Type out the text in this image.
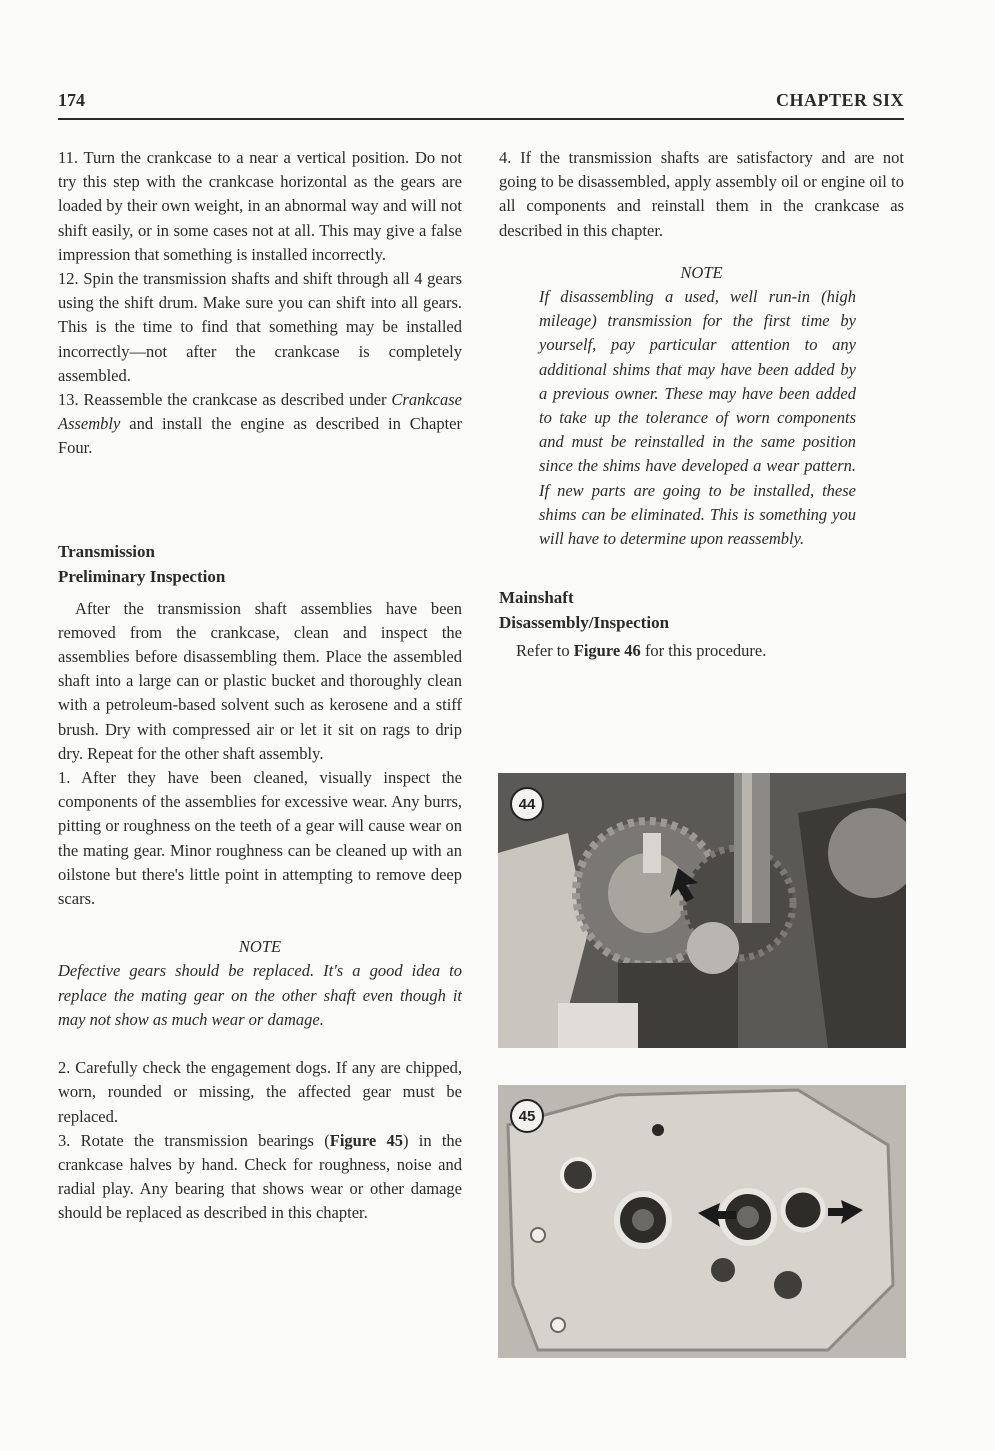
174	CHAPTER SIX

11. Turn the crankcase to a near a vertical position. Do not try this step with the crankcase horizontal as the gears are loaded by their own weight, in an abnormal way and will not shift easily, or in some cases not at all. This may give a false impression that something is installed incorrectly.

12. Spin the transmission shafts and shift through all 4 gears using the shift drum. Make sure you can shift into all gears. This is the time to find that something may be installed incorrectly—not after the crankcase is completely assembled.

13. Reassemble the crankcase as described under Crankcase Assembly and install the engine as described in Chapter Four.

Transmission

Preliminary Inspection

After the transmission shaft assemblies have been removed from the crankcase, clean and inspect the assemblies before disassembling them. Place the assembled shaft into a large can or plastic bucket and thoroughly clean with a petroleum-based solvent such as kerosene and a stiff brush. Dry with compressed air or let it sit on rags to drip dry. Repeat for the other shaft assembly.

1. After they have been cleaned, visually inspect the components of the assemblies for excessive wear. Any burrs, pitting or roughness on the teeth of a gear will cause wear on the mating gear. Minor roughness can be cleaned up with an oilstone but there's little point in attempting to remove deep scars.

NOTE

Defective gears should be replaced. It's a good idea to replace the mating gear on the other shaft even though it may not show as much wear or damage.

2. Carefully check the engagement dogs. If any are chipped, worn, rounded or missing, the affected gear must be replaced.

3. Rotate the transmission bearings (Figure 45) in the crankcase halves by hand. Check for roughness, noise and radial play. Any bearing that shows wear or other damage should be replaced as described in this chapter.

4. If the transmission shafts are satisfactory and are not going to be disassembled, apply assembly oil or engine oil to all components and reinstall them in the crankcase as described in this chapter.

NOTE

If disassembling a used, well run-in (high mileage) transmission for the first time by yourself, pay particular attention to any additional shims that may have been added by a previous owner. These may have been added to take up the tolerance of worn components and must be reinstalled in the same position since the shims have developed a wear pattern. If new parts are going to be installed, these shims can be eliminated. This is something you will have to determine upon reassembly.

Mainshaft

Disassembly/Inspection

Refer to Figure 46 for this procedure.

44
45
